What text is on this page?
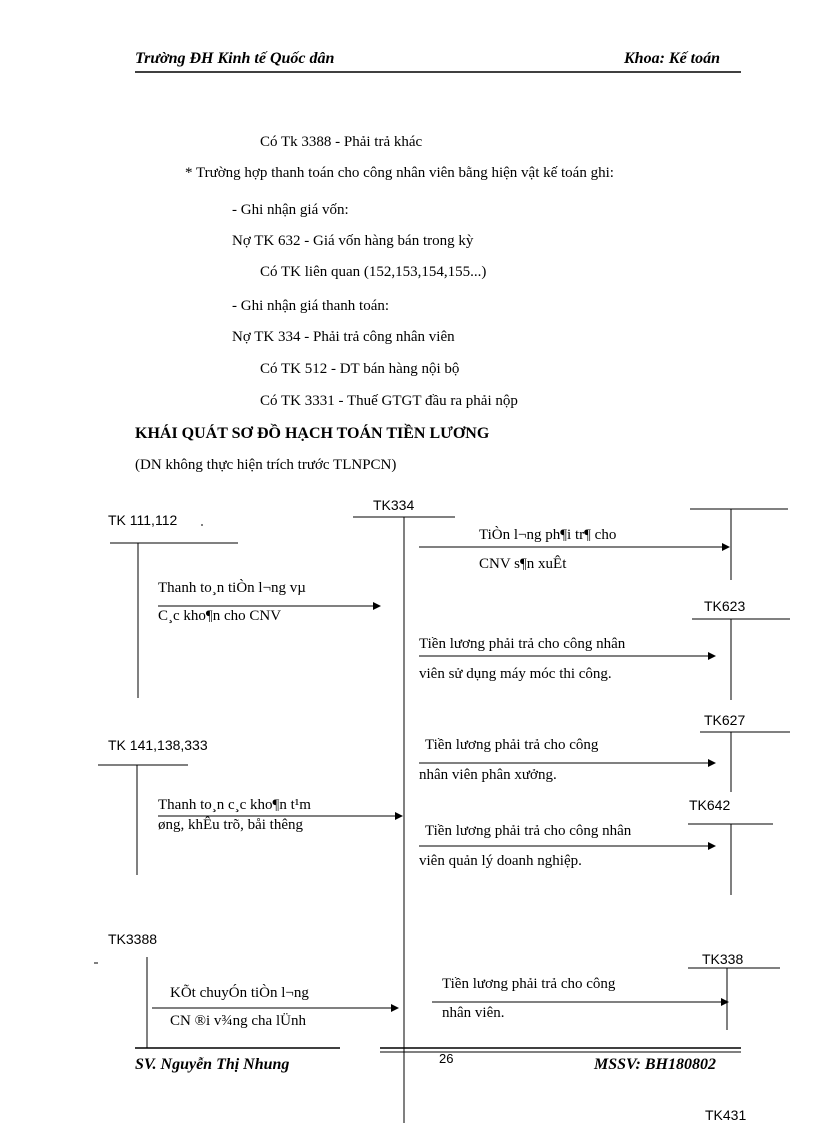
Trường ĐH Kinh tế Quốc dân	Khoa: Kế toán
Có Tk 3388 - Phải trả khác
* Trường hợp thanh toán cho công nhân viên bằng hiện vật kế toán ghi:
- Ghi nhận giá vốn:
Nợ TK 632 - Giá vốn hàng bán trong kỳ
Có TK liên quan (152,153,154,155...)
- Ghi nhận giá thanh toán:
Nợ TK 334 - Phải trả công nhân viên
Có TK 512 - DT bán hàng nội bộ
Có TK 3331 - Thuế GTGT đầu ra phải nộp
KHÁI QUÁT SƠ ĐỒ HẠCH TOÁN TIỀN LƯƠNG
(DN không thực hiện trích trước TLNPCN)
TK334
TK 111,112
TK 141,138,333
TK3388
TK623
TK627
TK642
TK338
TK431
Thanh to¸n tiÒn l¬ng vµ
C¸c kho¶n cho CNV
Thanh to¸n c¸c kho¶n t¹m
øng, khÊu trõ, båi thêng
KÕt chuyÓn tiÒn l¬ng
CN ®i v¾ng cha lÜnh
TiÒn l¬ng ph¶i tr¶ cho
CNV s¶n xuÊt
Tiền lương phải trả cho công nhân
viên sử dụng máy móc thi công.
Tiền lương phải trả cho công
nhân viên phân xưởng.
Tiền lương phải trả cho công nhân
viên quản lý doanh nghiệp.
Tiền lương phải trả cho công
nhân viên.
SV. Nguyễn Thị Nhung	26	MSSV: BH180802
